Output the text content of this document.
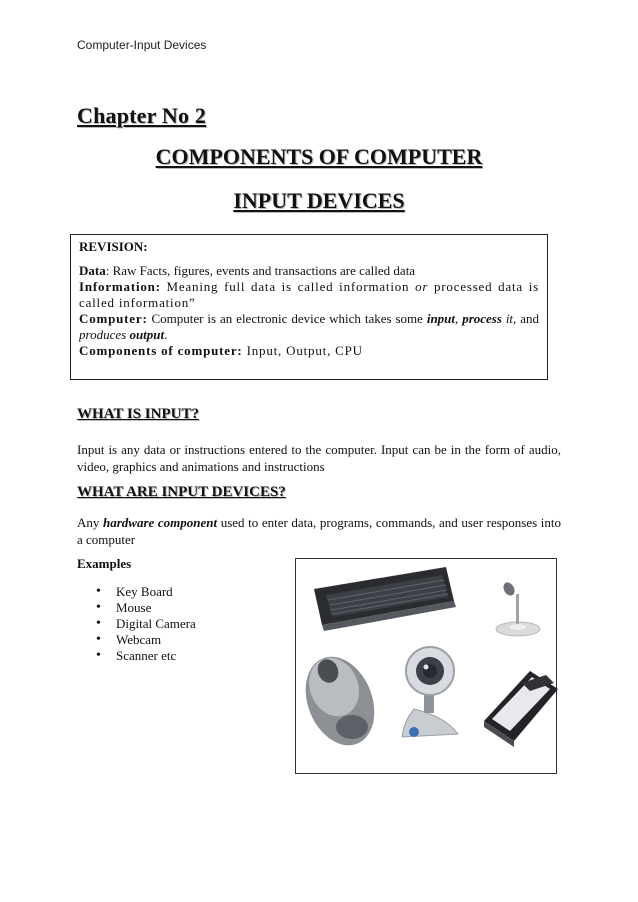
Computer-Input Devices
Chapter No 2
COMPONENTS OF COMPUTER
INPUT DEVICES

REVISION:

Data: Raw Facts, figures, events and transactions are called data

Information: Meaning full data is called information or processed data is called information”

Computer: Computer is an electronic device which takes some input, process it, and produces output.

Components of computer: Input, Output, CPU

WHAT IS INPUT?
Input is any data or instructions entered to the computer. Input can be in the form of audio, video, graphics and animations and instructions
WHAT ARE INPUT DEVICES?
Any hardware component used to enter data, programs, commands, and user responses into a computer
Examples
• Key Board
• Mouse
• Digital Camera
• Webcam
• Scanner etc
